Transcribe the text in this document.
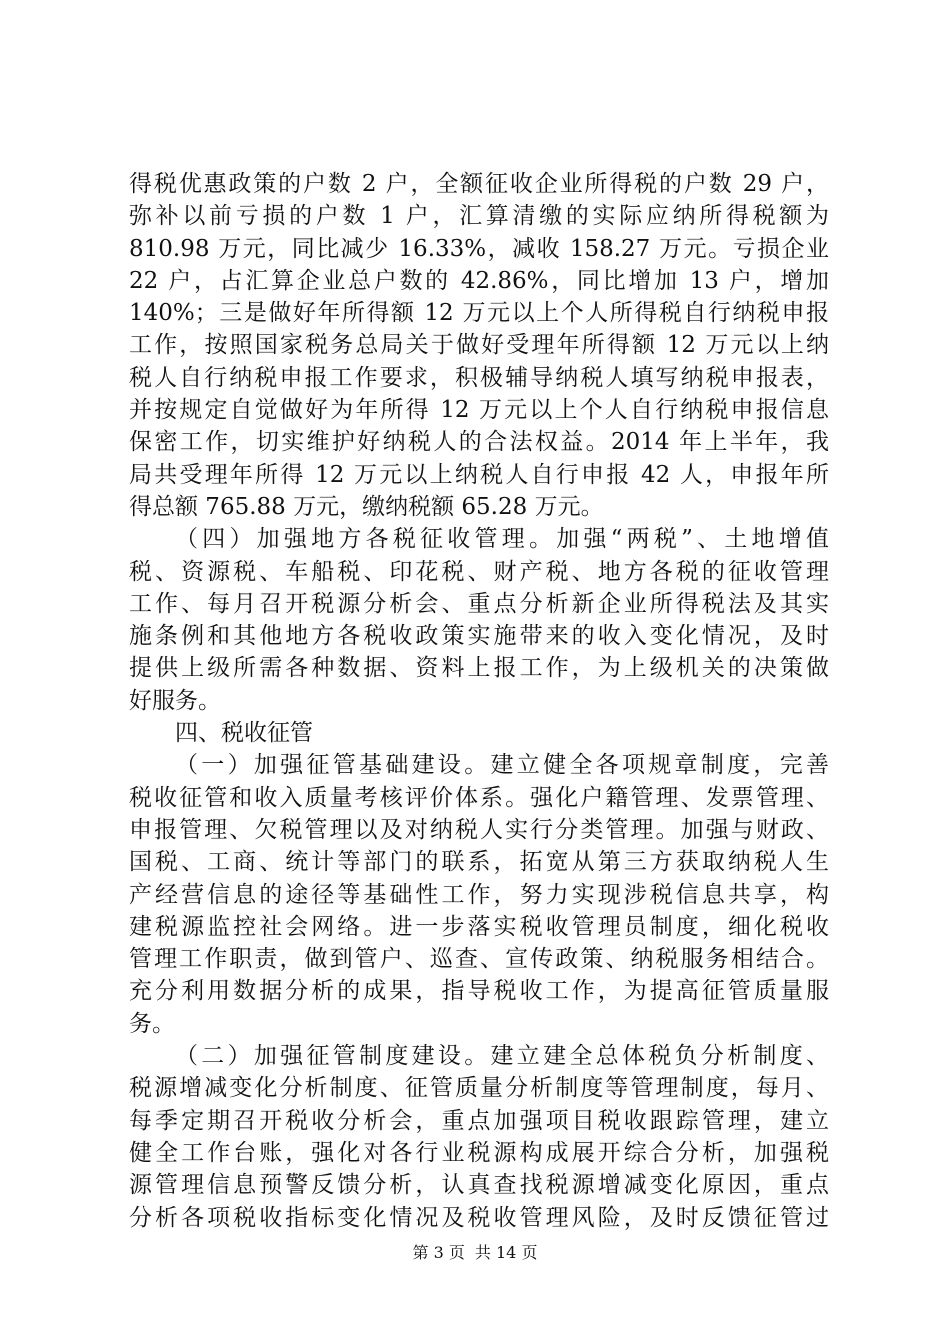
得税优惠政策的户数 2 户，全额征收企业所得税的户数 29 户，
弥补以前亏损的户数 1 户，汇算清缴的实际应纳所得税额为
810.98 万元，同比减少 16.33%，减收 158.27 万元。亏损企业
22 户，占汇算企业总户数的 42.86%，同比增加 13 户，增加
140%；三是做好年所得额 12 万元以上个人所得税自行纳税申报
工作，按照国家税务总局关于做好受理年所得额 12 万元以上纳
税人自行纳税申报工作要求，积极辅导纳税人填写纳税申报表，
并按规定自觉做好为年所得 12 万元以上个人自行纳税申报信息
保密工作，切实维护好纳税人的合法权益。2014 年上半年，我
局共受理年所得 12 万元以上纳税人自行申报 42 人，申报年所
得总额 765.88 万元，缴纳税额 65.28 万元。
（四）加强地方各税征收管理。加强“两税”、土地增值
税、资源税、车船税、印花税、财产税、地方各税的征收管理
工作、每月召开税源分析会、重点分析新企业所得税法及其实
施条例和其他地方各税收政策实施带来的收入变化情况，及时
提供上级所需各种数据、资料上报工作，为上级机关的决策做
好服务。
四、税收征管
（一）加强征管基础建设。建立健全各项规章制度，完善
税收征管和收入质量考核评价体系。强化户籍管理、发票管理、
申报管理、欠税管理以及对纳税人实行分类管理。加强与财政、
国税、工商、统计等部门的联系，拓宽从第三方获取纳税人生
产经营信息的途径等基础性工作，努力实现涉税信息共享，构
建税源监控社会网络。进一步落实税收管理员制度，细化税收
管理工作职责，做到管户、巡查、宣传政策、纳税服务相结合。
充分利用数据分析的成果，指导税收工作，为提高征管质量服
务。
（二）加强征管制度建设。建立建全总体税负分析制度、
税源增减变化分析制度、征管质量分析制度等管理制度，每月、
每季定期召开税收分析会，重点加强项目税收跟踪管理，建立
健全工作台账，强化对各行业税源构成展开综合分析，加强税
源管理信息预警反馈分析，认真查找税源增减变化原因，重点
分析各项税收指标变化情况及税收管理风险，及时反馈征管过
第 3 页 共 14 页
